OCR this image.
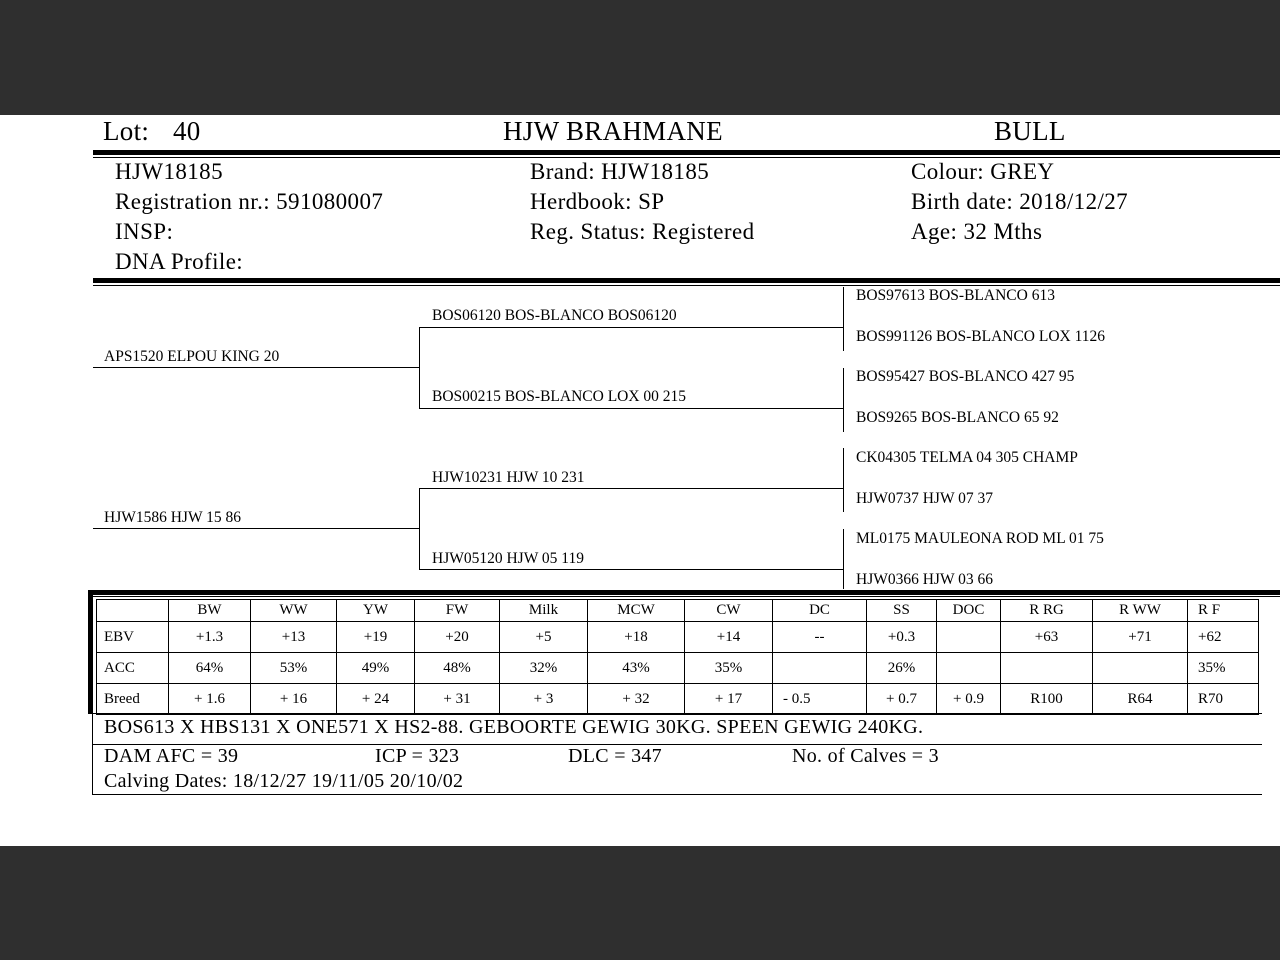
Lot: 40	HJW BRAHMANE	BULL
HJW18185
Registration nr.: 591080007
INSP:
DNA Profile:
Brand: HJW18185
Herdbook: SP
Reg. Status: Registered
Colour: GREY
Birth date: 2018/12/27
Age: 32 Mths
APS1520 ELPOU KING 20
HJW1586 HJW 15 86
BOS06120 BOS-BLANCO BOS06120
BOS00215 BOS-BLANCO LOX 00 215
HJW10231 HJW 10 231
HJW05120 HJW 05 119
BOS97613 BOS-BLANCO 613
BOS991126 BOS-BLANCO LOX 1126
BOS95427 BOS-BLANCO 427 95
BOS9265 BOS-BLANCO 65 92
CK04305 TELMA 04 305 CHAMP
HJW0737 HJW 07 37
ML0175 MAULEONA ROD ML 01 75
HJW0366 HJW 03 66
	BW	WW	YW	FW	Milk	MCW	CW	DC	SS	DOC	R RG	R WW	R F
EBV	+1.3	+13	+19	+20	+5	+18	+14	--	+0.3		+63	+71	+62
ACC	64%	53%	49%	48%	32%	43%	35%		26%				35%
Breed	+ 1.6	+ 16	+ 24	+ 31	+ 3	+ 32	+ 17	- 0.5	+ 0.7	+ 0.9	R100	R64	R70
BOS613 X HBS131 X ONE571 X HS2-88. GEBOORTE GEWIG 30KG. SPEEN GEWIG 240KG.
DAM AFC = 39	ICP = 323	DLC = 347	No. of Calves = 3
Calving Dates: 18/12/27 19/11/05 20/10/02
